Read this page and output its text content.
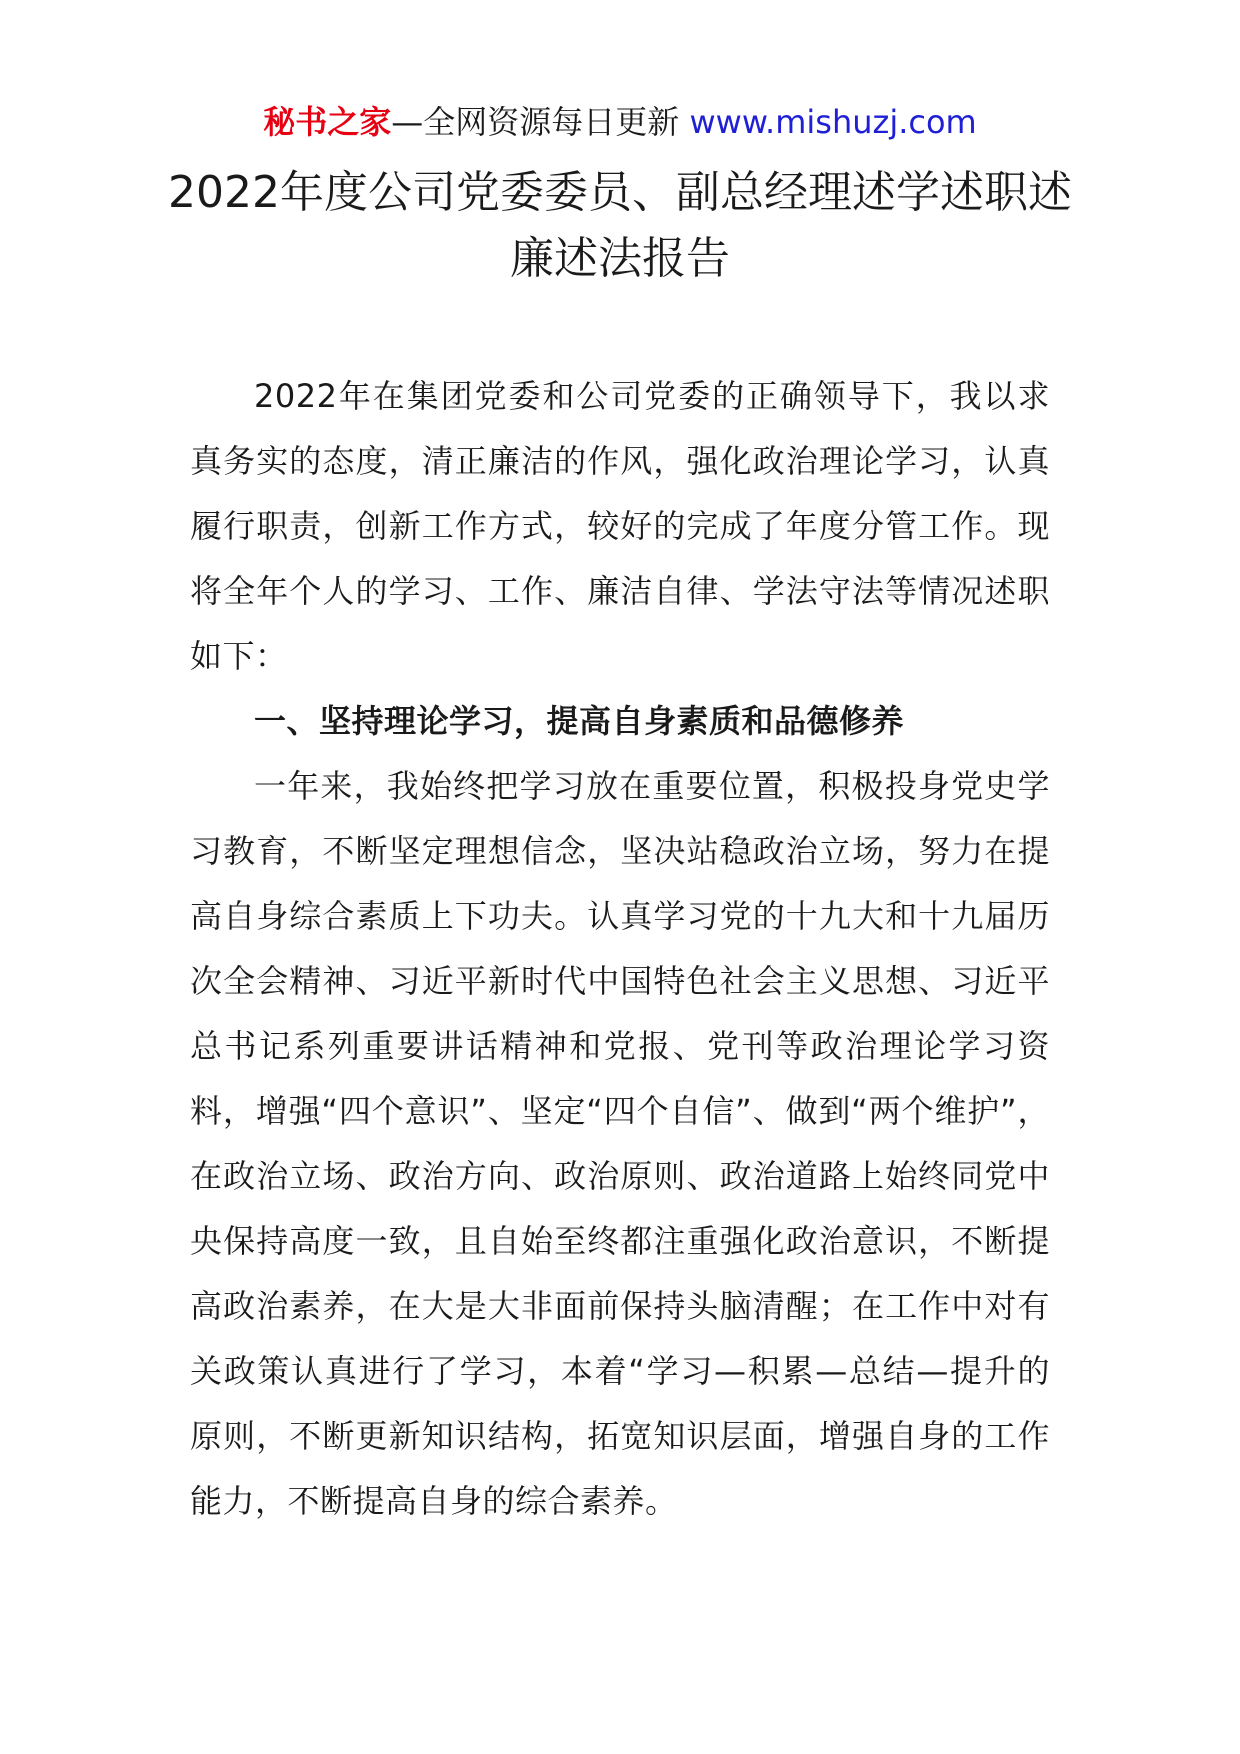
秘书之家—全网资源每日更新 www.mishuzj.com
2022年度公司党委委员、副总经理述学述职述廉述法报告

2022年在集团党委和公司党委的正确领导下，我以求真务实的态度，清正廉洁的作风，强化政治理论学习，认真履行职责，创新工作方式，较好的完成了年度分管工作。现将全年个人的学习、工作、廉洁自律、学法守法等情况述职如下：

一、坚持理论学习，提高自身素质和品德修养

一年来，我始终把学习放在重要位置，积极投身党史学习教育，不断坚定理想信念，坚决站稳政治立场，努力在提高自身综合素质上下功夫。认真学习党的十九大和十九届历次全会精神、习近平新时代中国特色社会主义思想、习近平总书记系列重要讲话精神和党报、党刊等政治理论学习资料，增强“四个意识”、坚定“四个自信”、做到“两个维护”，在政治立场、政治方向、政治原则、政治道路上始终同党中央保持高度一致，且自始至终都注重强化政治意识，不断提高政治素养，在大是大非面前保持头脑清醒；在工作中对有关政策认真进行了学习，本着“学习—积累—总结—提升的原则，不断更新知识结构，拓宽知识层面，增强自身的工作能力，不断提高自身的综合素养。
